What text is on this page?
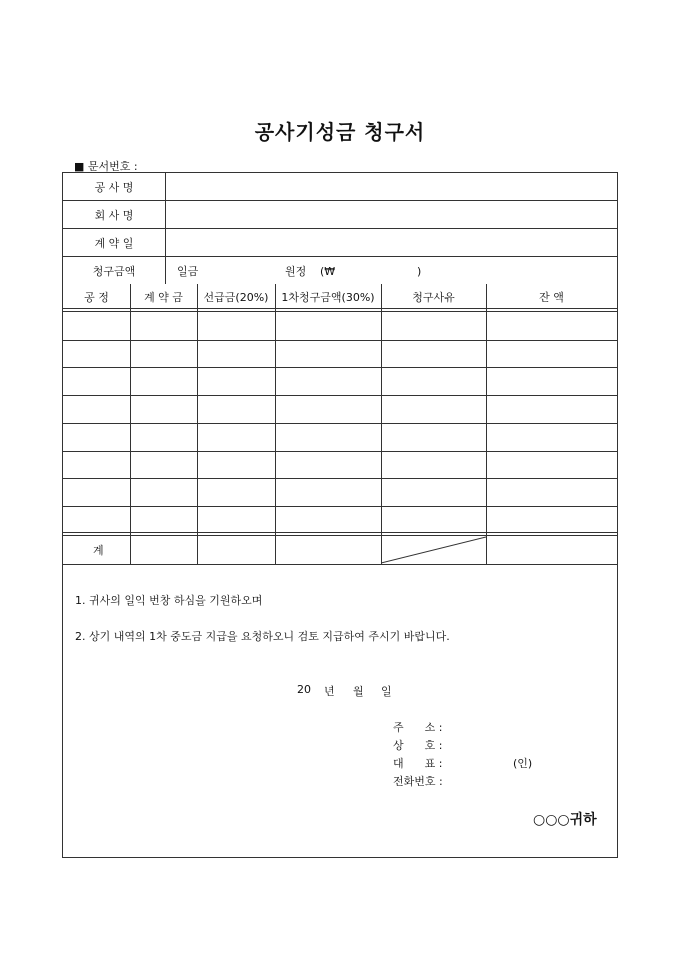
공사기성금 청구서
■ 문서번호 :
공 사 명
회 사 명
계 약 일
청구금액	일금	원정 (₩	)
공 정	계 약 금	선급금(20%)	1차청구금액(30%)	청구사유	잔 액
계
1. 귀사의 일익 번창 하심을 기원하오며
2. 상기 내역의 1차 중도금 지급을 요청하오니 검토 지급하여 주시기 바랍니다.
20 년 월 일
주      소 :
상      호 :
대      표 :	(인)
전화번호 :
○○○귀하
